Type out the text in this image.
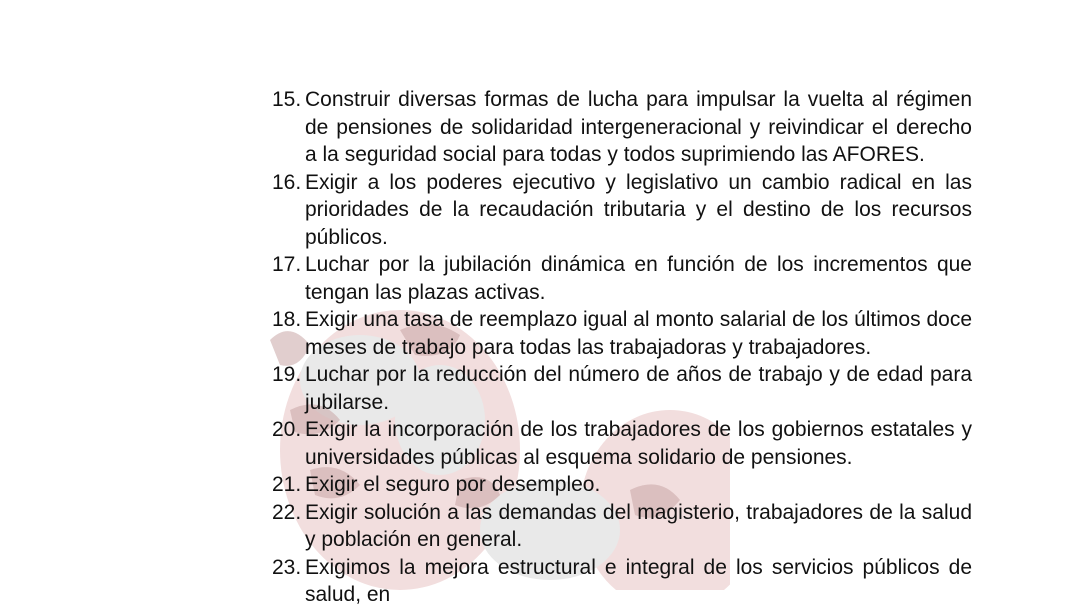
15. Construir diversas formas de lucha para impulsar la vuelta al régimen de pensiones de solidaridad intergeneracional y reivindicar el derecho a la seguridad social para todas y todos suprimiendo las AFORES.
16. Exigir a los poderes ejecutivo y legislativo un cambio radical en las prioridades de la recaudación tributaria y el destino de los recursos públicos.
17. Luchar por la jubilación dinámica en función de los incrementos que tengan las plazas activas.
18. Exigir una tasa de reemplazo igual al monto salarial de los últimos doce meses de trabajo para todas las trabajadoras y trabajadores.
19. Luchar por la reducción del número de años de trabajo y de edad para jubilarse.
20. Exigir la incorporación de los trabajadores de los gobiernos estatales y universidades públicas al esquema solidario de pensiones.
21. Exigir el seguro por desempleo.
22. Exigir solución a las demandas del magisterio, trabajadores de la salud y población en general.
23. Exigimos la mejora estructural e integral de los servicios públicos de salud, en
